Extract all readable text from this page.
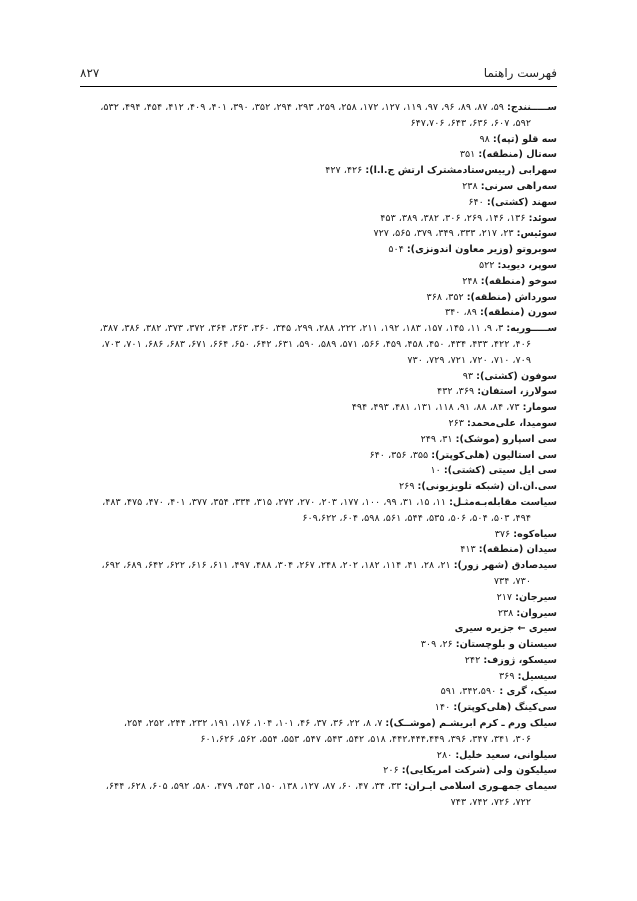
فهرست راهنما
۸۲۷
ســـــنندج: ۵۹، ۸۷، ۸۹، ۹۶، ۹۷، ۱۱۹، ۱۲۷، ۱۷۲، ۲۵۸، ۲۵۹، ۲۹۳، ۲۹۴، ۳۵۲، ۳۹۰، ۴۰۱، ۴۰۹، ۴۱۲، ۴۵۴، ۴۹۴، ۵۳۲،
۵۹۲، ۶۰۷، ۶۳۶، ۶۴۳، ۶۴۷،۷۰۶
سه قلو (تپه): ۹۸
سه‌تال (منطقه): ۳۵۱
سهرابی (رییس‌ستادمشترک ارتش ج.ا.ا): ۴۲۶، ۴۲۷
سه‌راهی سرنی: ۲۳۸
سهند (کشتی): ۶۴۰
سوئد: ۱۳۶، ۱۴۶، ۲۶۹، ۳۰۶، ۳۸۲، ۳۸۹، ۴۵۳
سوئیس: ۲۳، ۲۱۷، ۳۳۳، ۳۴۹، ۳۷۹، ۵۶۵، ۷۲۷
سوبروتو (وزیر معاون اندونزی): ۵۰۴
سوپر، دیوید: ۵۲۲
سوخو (منطقه): ۲۴۸
سورداش (منطقه): ۳۵۲، ۳۶۸
سورن (منطقه): ۸۹، ۳۴۰
ســـــوریه: ۳، ۹، ۱۱، ۱۴۵، ۱۵۷، ۱۸۳، ۱۹۲، ۲۱۱، ۲۲۲، ۲۸۸، ۲۹۹، ۳۴۵، ۳۶۰، ۳۶۳، ۳۶۴، ۳۷۲، ۳۷۳، ۳۸۲، ۳۸۶، ۳۸۷،
۴۰۶، ۴۲۲، ۴۳۳، ۴۳۴، ۴۵۰، ۴۵۸، ۴۵۹، ۵۶۶، ۵۷۱، ۵۸۹، ۵۹۰، ۶۳۱، ۶۴۲، ۶۵۰، ۶۶۴، ۶۷۱، ۶۸۳، ۶۸۶، ۷۰۱، ۷۰۳،
۷۰۹، ۷۱۰، ۷۲۰، ۷۲۱، ۷۲۹، ۷۳۰
سوفون (کشتی): ۹۳
سولارز، استفان: ۳۶۹، ۴۳۲
سومار: ۷۳، ۸۴، ۸۸، ۹۱، ۱۱۸، ۱۳۱، ۴۸۱، ۴۹۳، ۴۹۴
سومیدا، علی‌محمد: ۲۶۳
سی اسپارو (موشک): ۳۱، ۲۴۹
سی استالیون (هلی‌کوپتر): ۳۵۵، ۳۵۶، ۶۴۰
سی ایل سیتی (کشتی): ۱۰
سی.ان.ان (شبکه تلویزیونی): ۲۶۹
سیاست مقابله‌بـه‌مثـل: ۱۱، ۱۵، ۳۱، ۹۹، ۱۰۰، ۱۷۷، ۲۰۳، ۲۷۰، ۲۷۲، ۳۱۵، ۳۳۴، ۳۵۴، ۳۷۷، ۴۰۱، ۴۷۰، ۴۷۵، ۴۸۳،
۴۹۴، ۵۰۳، ۵۰۴، ۵۰۶، ۵۳۵، ۵۴۴، ۵۶۱، ۵۹۸، ۶۰۴، ۶۰۹،۶۲۲
سیاه‌کوه: ۳۷۶
سیدان (منطقه): ۴۱۳
سیدصادق (شهر زور): ۲۱، ۲۸، ۴۱، ۱۱۴، ۱۸۲، ۲۰۲، ۲۴۸، ۲۶۷، ۳۰۴، ۴۸۸، ۴۹۷، ۶۱۱، ۶۱۶، ۶۲۲، ۶۴۲، ۶۸۹، ۶۹۲،
۷۳۰، ۷۳۴
سیرجان: ۲۱۷
سیروان: ۲۳۸
سیری ← جزیره سیری
سیستان و بلوچستان: ۲۶، ۳۰۹
سیسکو، ژوزف: ۲۴۲
سیسیل: ۳۶۹
سیک، گری : ۳۴۲،۵۹۰، ۵۹۱
سی‌کینگ (هلی‌کوپتر): ۱۴۰
سیلک ورم ـ کرم ابریشـم (موشــک): ۷، ۸، ۲۲، ۳۶، ۳۷، ۴۶، ۱۰۱، ۱۰۴، ۱۷۶، ۱۹۱، ۲۳۲، ۲۴۴، ۲۵۲، ۲۵۴،
۳۰۶، ۳۴۱، ۳۴۷، ۳۹۶، ۴۴۲،۴۴۴،۴۴۹، ۵۱۸، ۵۴۲، ۵۴۳، ۵۴۷، ۵۵۳، ۵۵۴، ۵۶۲، ۶۰۱،۶۲۶
سیلوانی، سعید خلیل: ۲۸۰
سیلیکون ولی (شرکت امریکایی): ۲۰۶
سیمای جمهـوری اسلامی ایـران: ۳۳، ۳۴، ۴۷، ۶۰، ۸۷، ۱۲۷، ۱۳۸، ۱۵۰، ۴۵۳، ۴۷۹، ۵۸۰، ۵۹۲، ۶۰۵، ۶۲۸، ۶۴۴،
۷۲۲، ۷۲۶، ۷۴۲، ۷۴۳
